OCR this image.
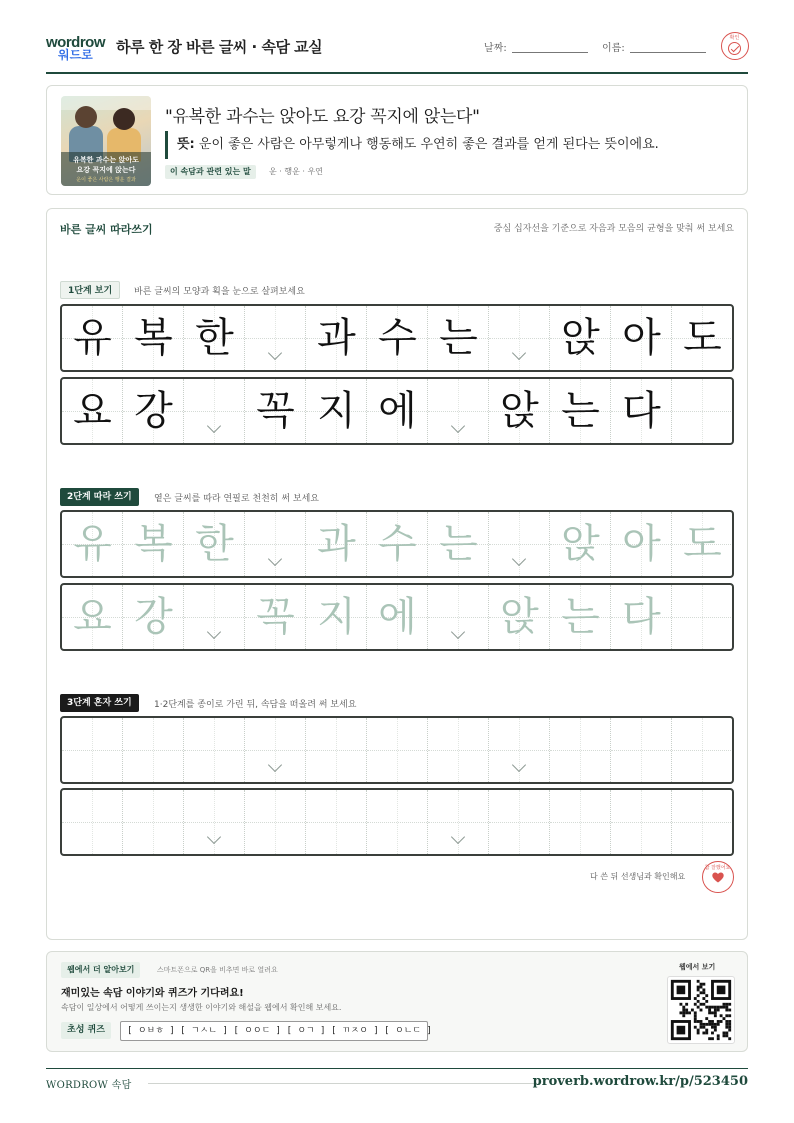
wordrow
워드로 하루 한 장 바른 글씨 · 속담 교실	날짜:	이름:
확인
유복한 과수는 앉아도
요강 꼭지에 앉는다
운이 좋은 사람은 행운 결과
"유복한 과수는 앉아도 요강 꼭지에 앉는다"
뜻: 운이 좋은 사람은 아무렇게나 행동해도 우연히 좋은 결과를 얻게 된다는 뜻이에요.
이 속담과 관련 있는 말	운 · 행운 · 우연
바른 글씨 따라쓰기	중심 십자선을 기준으로 자음과 모음의 균형을 맞춰 써 보세요
1단계 보기	바른 글씨의 모양과 획을 눈으로 살펴보세요
유 복 한 과 수 는 앉 아 도
요 강 꼭 지 에 앉 는 다
2단계 따라 쓰기	옅은 글씨를 따라 연필로 천천히 써 보세요
유 복 한 과 수 는 앉 아 도
요 강 꼭 지 에 앉 는 다
3단계 혼자 쓰기	1·2단계를 종이로 가린 뒤, 속담을 떠올려 써 보세요
다 쓴 뒤 선생님과 확인해요
참 잘했어요
웹에서 더 알아보기	스마트폰으로 QR을 비추면 바로 열려요
재미있는 속담 이야기와 퀴즈가 기다려요!
속담이 일상에서 어떻게 쓰이는지 생생한 이야기와 해설을 웹에서 확인해 보세요.
초성 퀴즈	[ ㅇㅂㅎ ] [ ㄱㅅㄴ ] [ ㅇㅇㄷ ] [ ㅇㄱ ] [ ㄲㅈㅇ ] [ ㅇㄴㄷ ]
웹에서 보기
WORDROW 속담	proverb.wordrow.kr/p/523450
